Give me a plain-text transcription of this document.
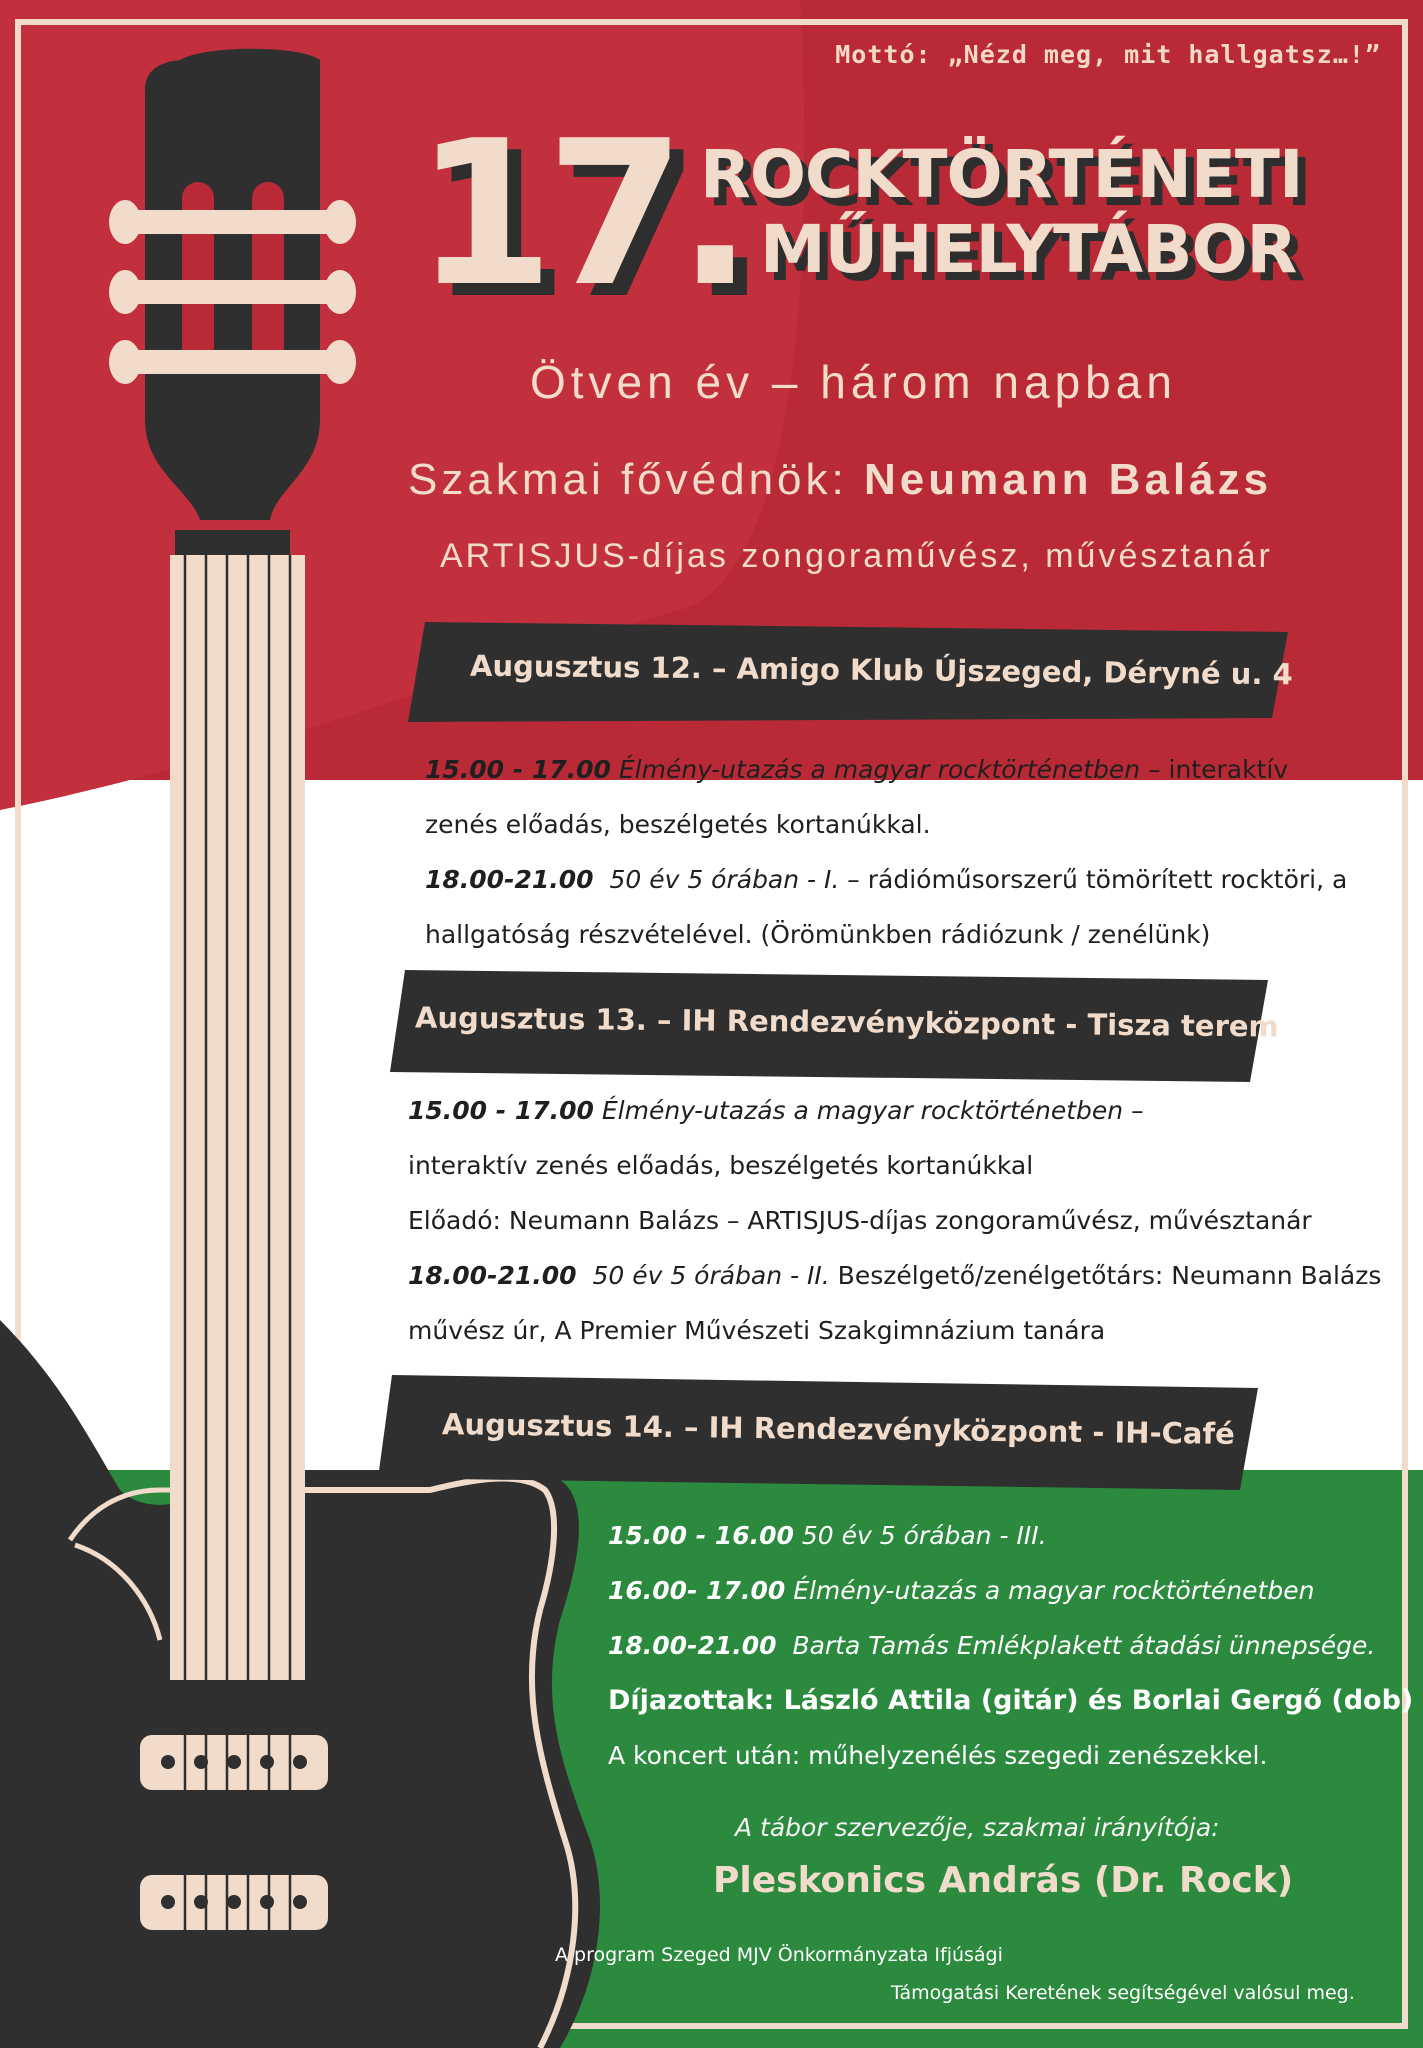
Mottó: „Nézd meg, mit hallgatsz…!”
17.
ROCKTÖRTÉNETI
MŰHELYTÁBOR
Ötven év – három napban
Szakmai fővédnök: Neumann Balázs
ARTISJUS-díjas zongoraművész, művésztanár
Augusztus 12. – Amigo Klub Újszeged, Déryné u. 4
15.00 - 17.00 Élmény-utazás a magyar rocktörténetben – interaktív
zenés előadás, beszélgetés kortanúkkal.
18.00-21.00 50 év 5 órában - I. – rádióműsorszerű tömörített rocktöri, a
hallgatóság részvételével. (Örömünkben rádiózunk / zenélünk)
Augusztus 13. – IH Rendezvényközpont - Tisza terem
15.00 - 17.00 Élmény-utazás a magyar rocktörténetben –
interaktív zenés előadás, beszélgetés kortanúkkal
Előadó: Neumann Balázs – ARTISJUS-díjas zongoraművész, művésztanár
18.00-21.00 50 év 5 órában - II. Beszélgető/zenélgetőtárs: Neumann Balázs
művész úr, A Premier Művészeti Szakgimnázium tanára
Augusztus 14. – IH Rendezvényközpont - IH-Café
15.00 - 16.00 50 év 5 órában - III.
16.00- 17.00 Élmény-utazás a magyar rocktörténetben
18.00-21.00 Barta Tamás Emlékplakett átadási ünnepsége.
Díjazottak: László Attila (gitár) és Borlai Gergő (dob)
A koncert után: műhelyzenélés szegedi zenészekkel.
A tábor szervezője, szakmai irányítója:
Pleskonics András (Dr. Rock)
A program Szeged MJV Önkormányzata Ifjúsági
Támogatási Keretének segítségével valósul meg.
